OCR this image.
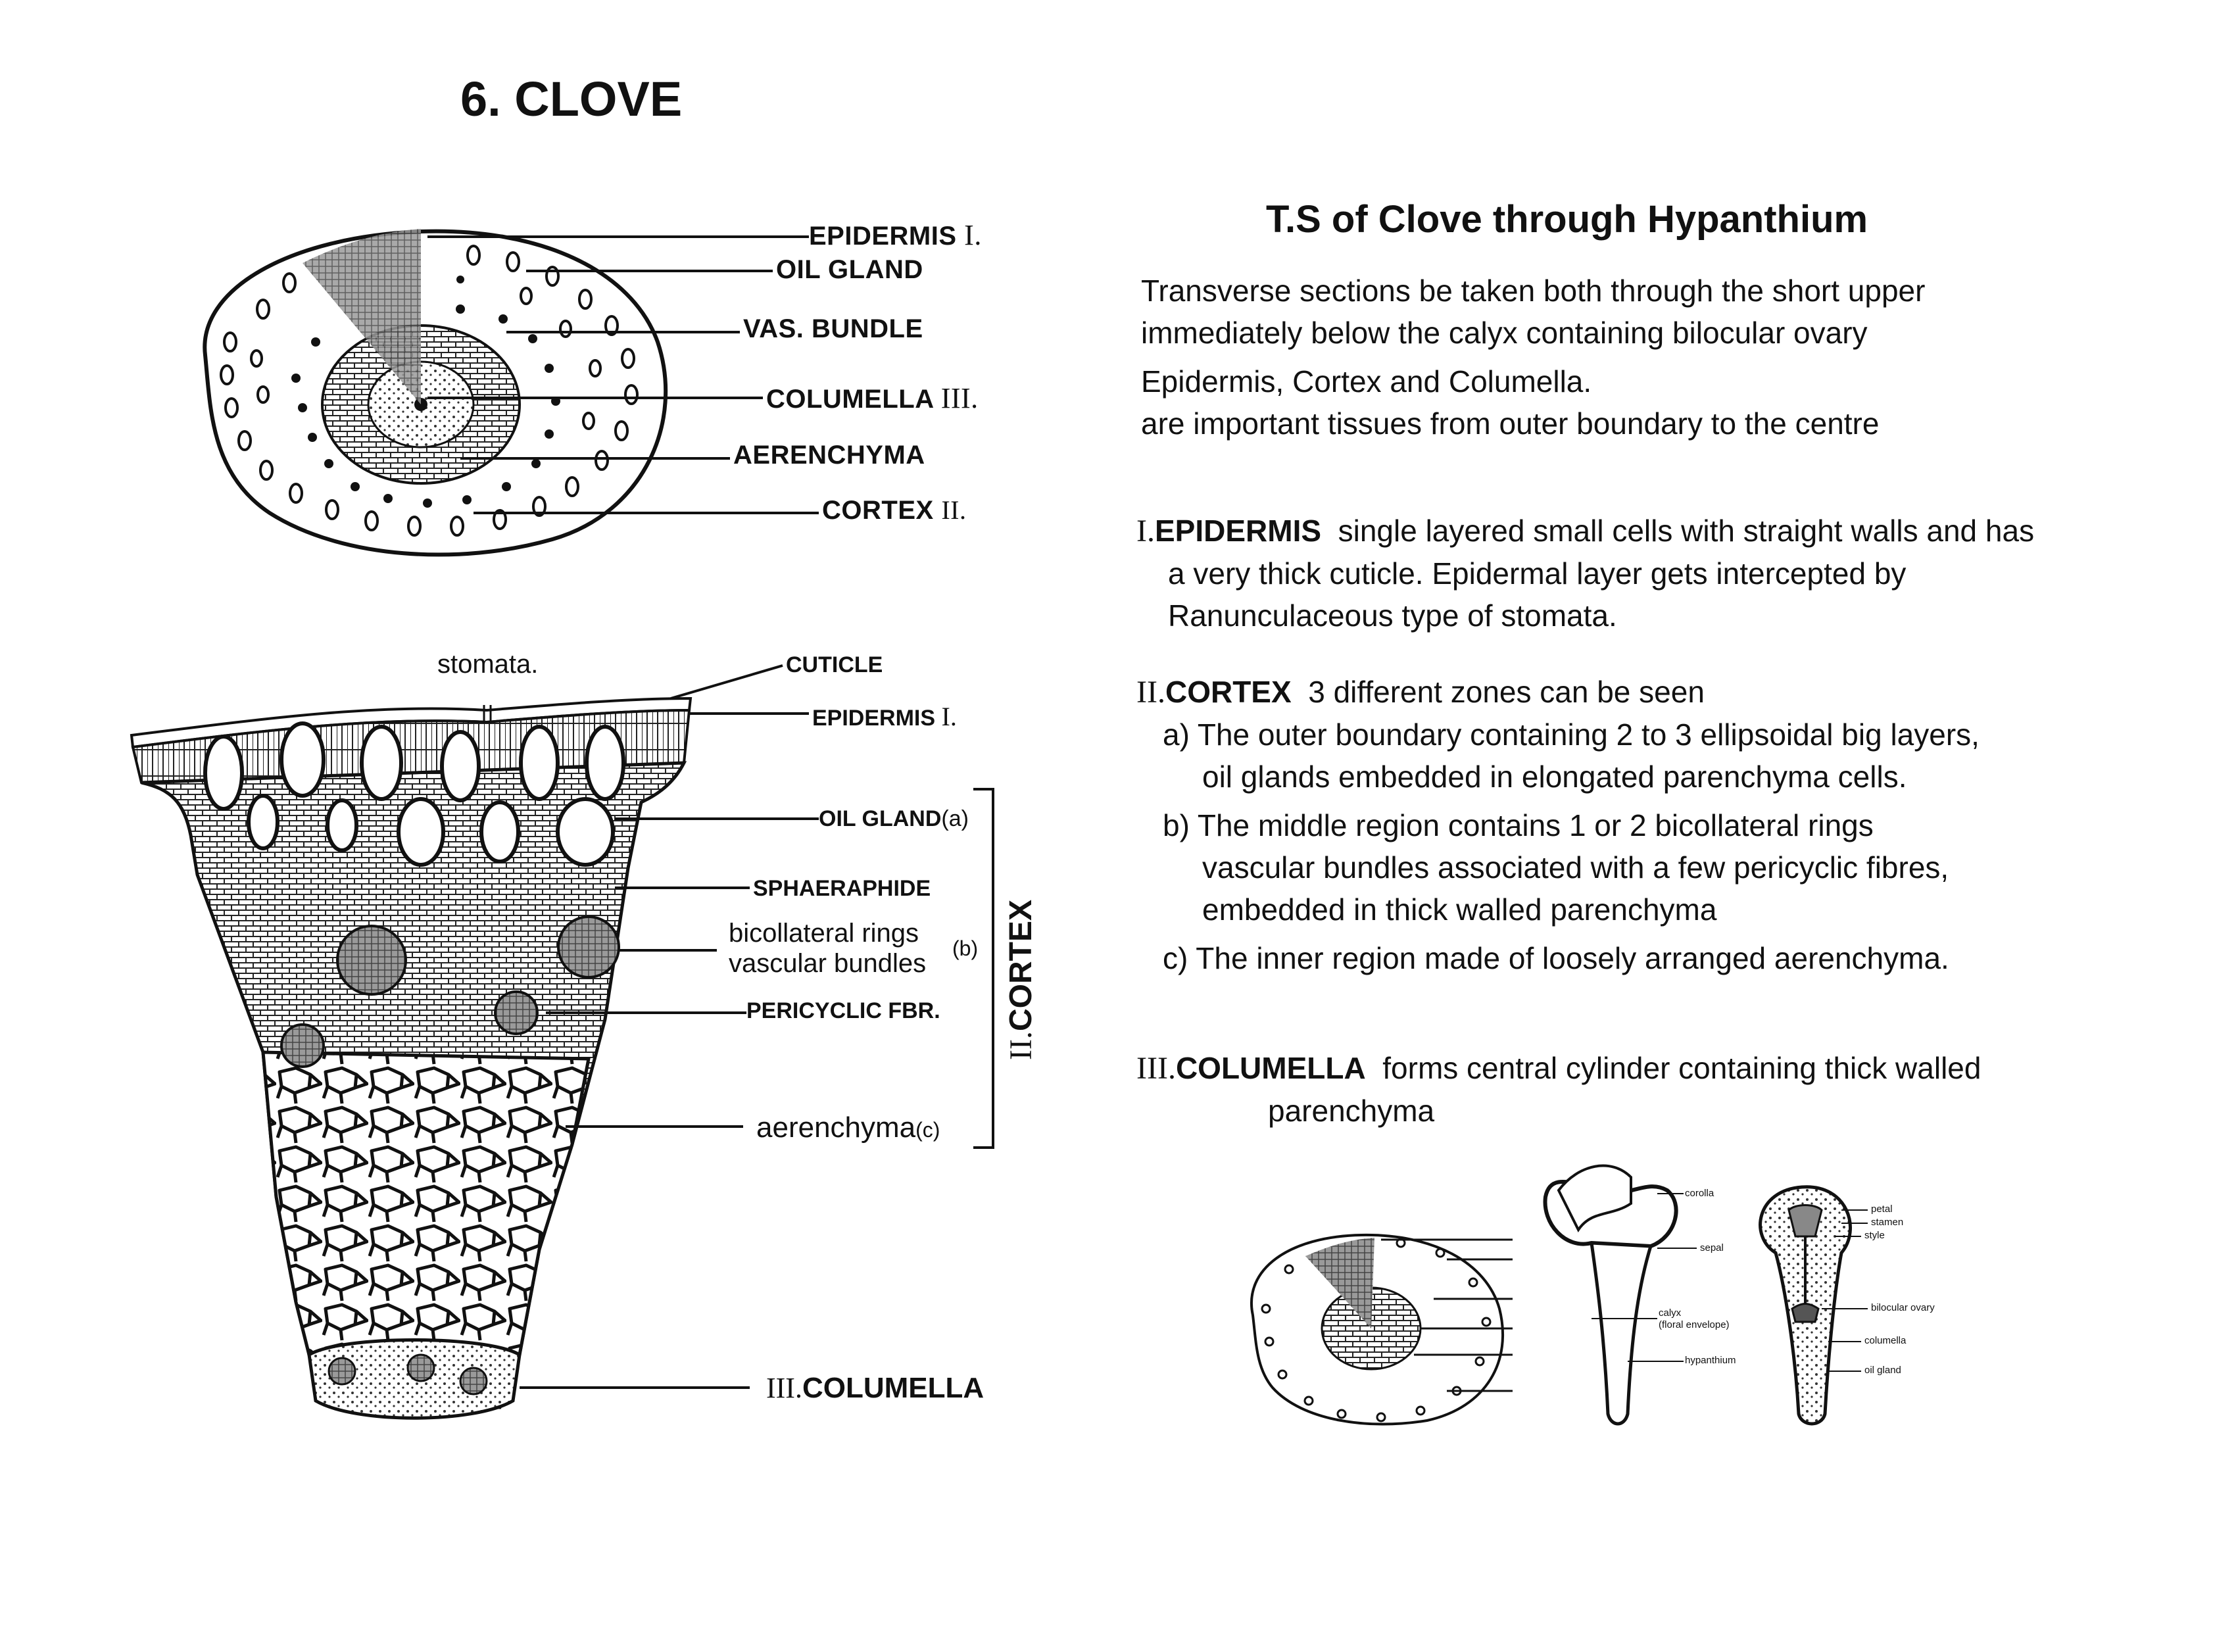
6. CLOVE
EPIDERMIS I.
OIL GLAND
VAS. BUNDLE
COLUMELLA III.
AERENCHYMA
CORTEX II.
stomata.	CUTICLE
EPIDERMIS I.
OIL GLAND(a)
SPHAERAPHIDE
bicollateral rings
vascular bundles
(b)
PERICYCLIC FBR.
aerenchyma(c)
II.CORTEX
III.COLUMELLA
T.S of Clove through Hypanthium
Transverse sections be taken both through the short upper
immediately below the calyx containing bilocular ovary
Epidermis, Cortex and Columella.
are important tissues from outer boundary to the centre
I.EPIDERMIS single layered small cells with straight walls and has
a very thick cuticle. Epidermal layer gets intercepted by
Ranunculaceous type of stomata.
II.CORTEX 3 different zones can be seen
a) The outer boundary containing 2 to 3 ellipsoidal big layers,
oil glands embedded in elongated parenchyma cells.
b) The middle region contains 1 or 2 bicollateral rings
vascular bundles associated with a few pericyclic fibres,
embedded in thick walled parenchyma
c) The inner region made of loosely arranged aerenchyma.
III.COLUMELLA forms central cylinder containing thick walled
parenchyma
corolla
sepal
calyx
(floral envelope)
hypanthium
petal
stamen
style
bilocular ovary
columella
oil gland
